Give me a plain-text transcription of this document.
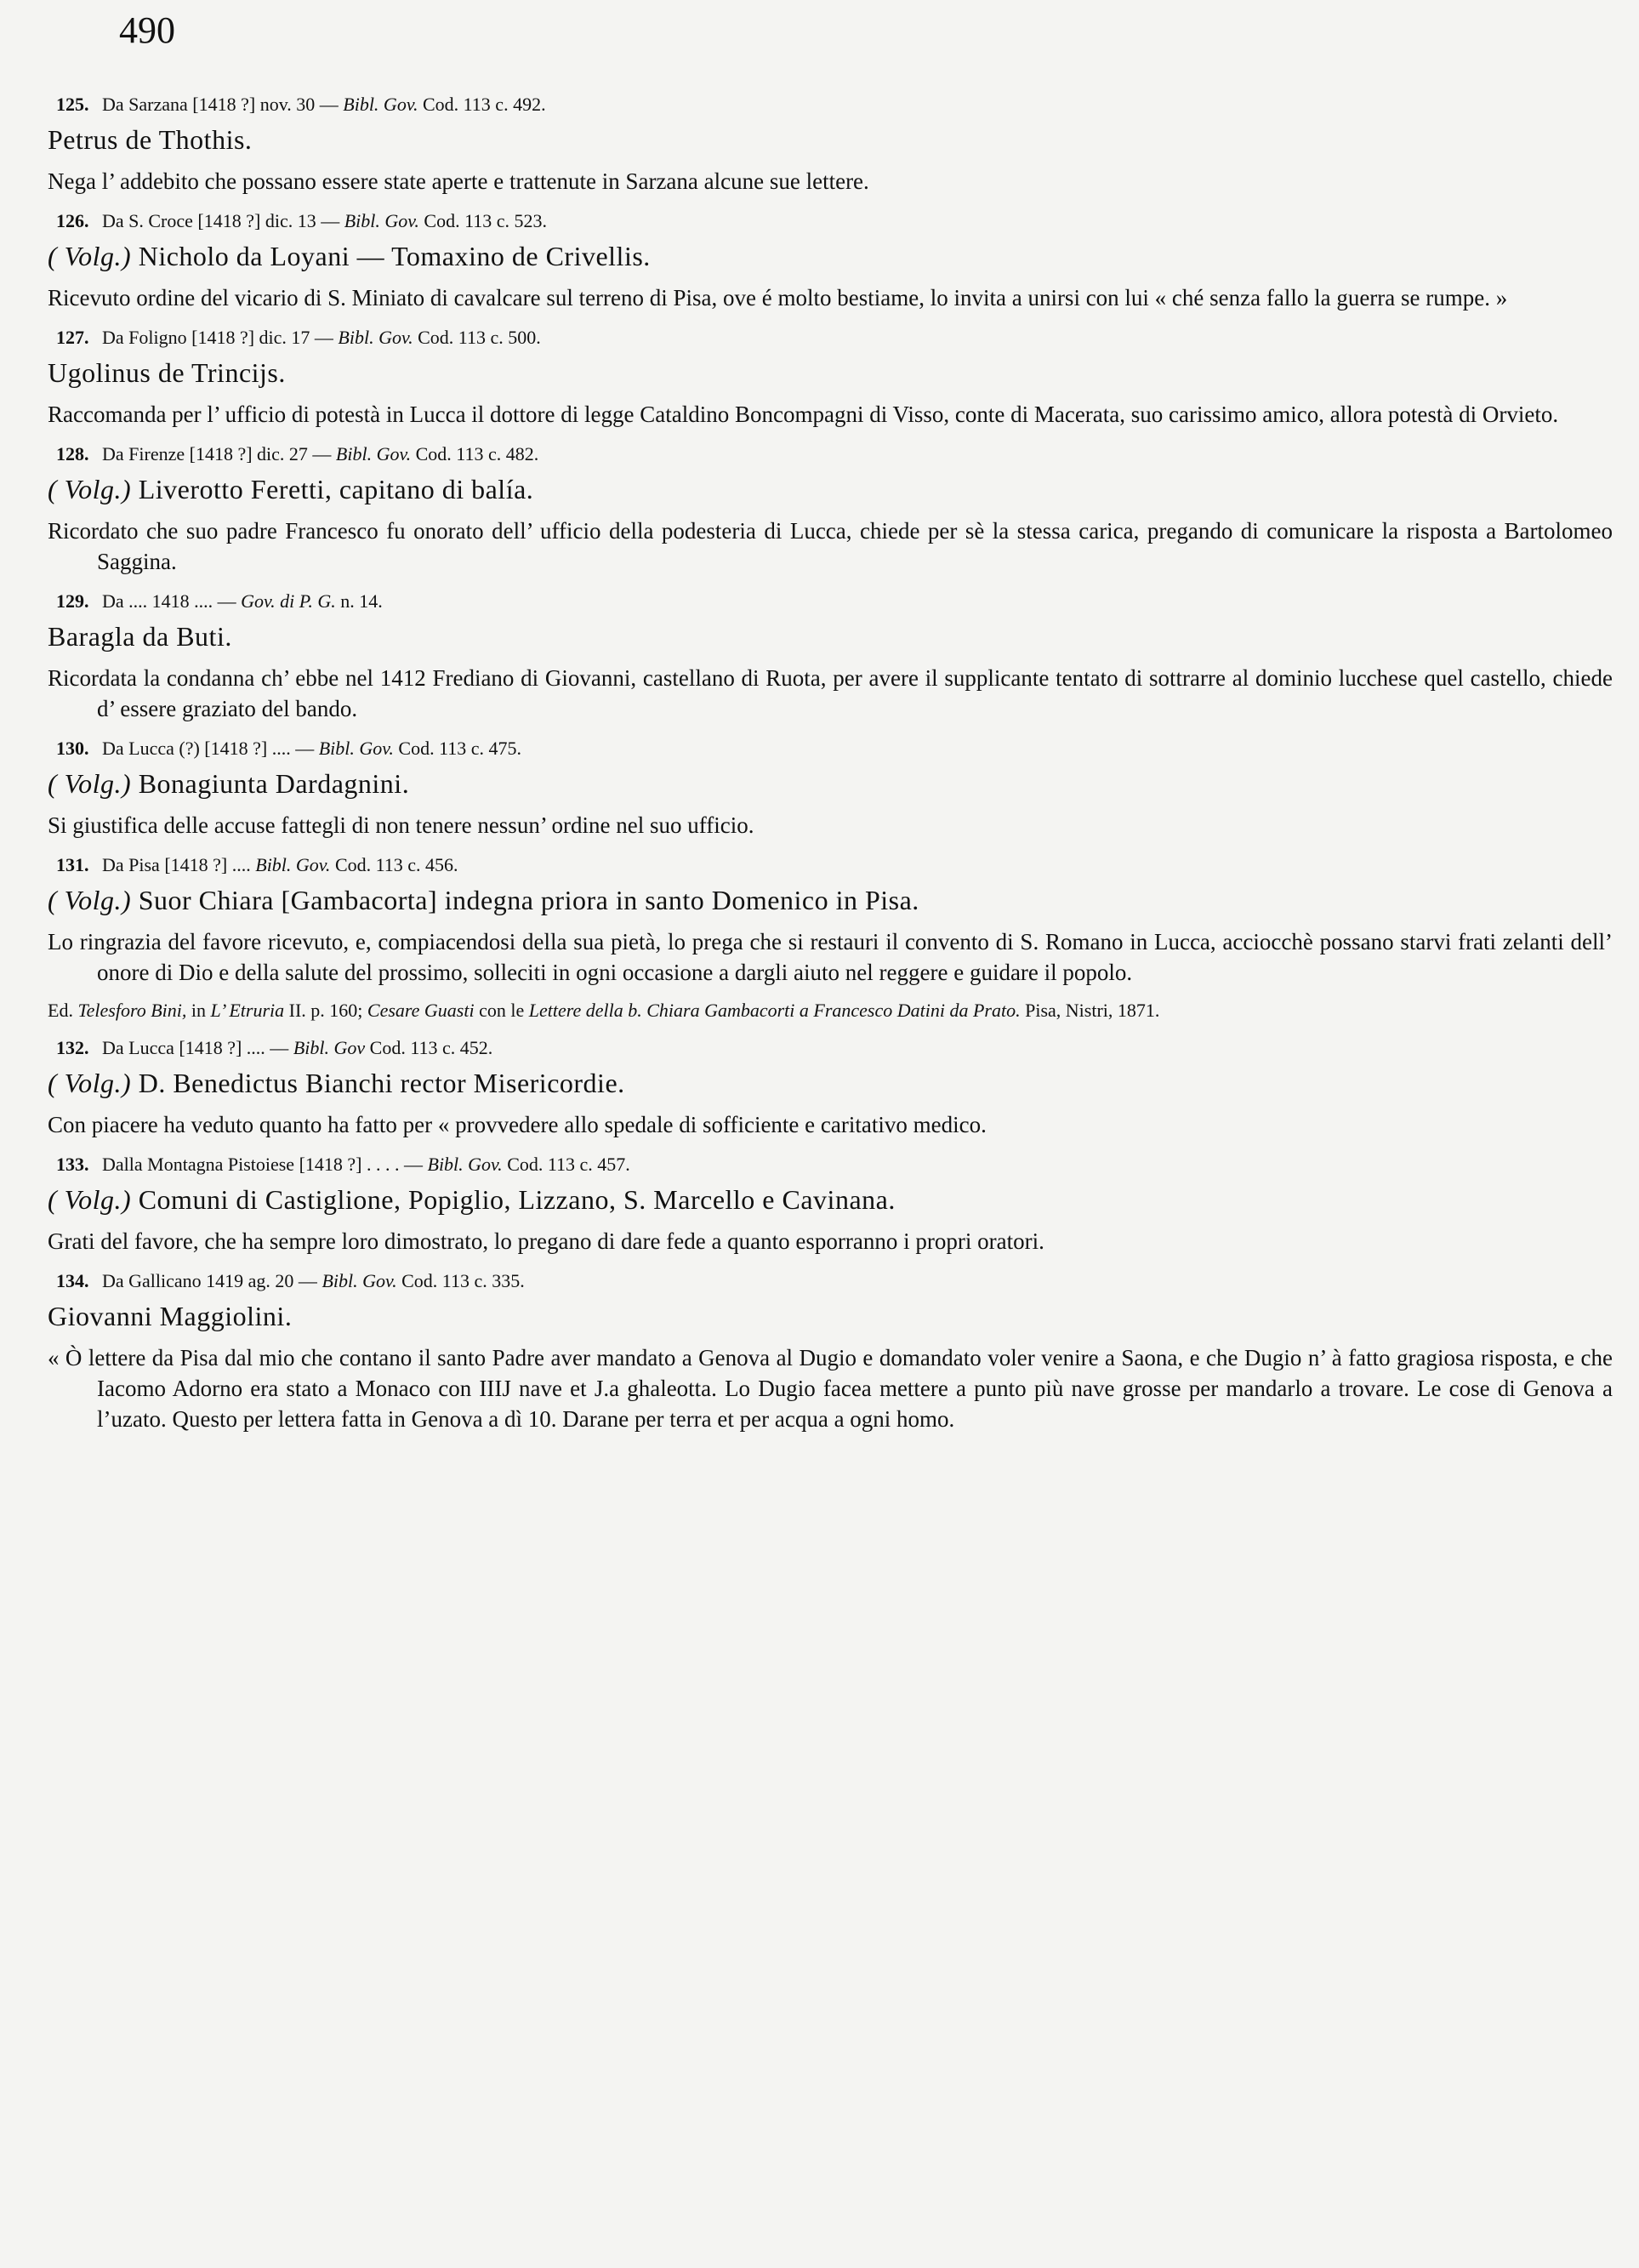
490
125. Da Sarzana [1418 ?] nov. 30 — Bibl. Gov. Cod. 113 c. 492.
Petrus de Thothis.
Nega l’ addebito che possano essere state aperte e trattenute in Sarzana alcune sue lettere.
126. Da S. Croce [1418 ?] dic. 13 — Bibl. Gov. Cod. 113 c. 523.
( Volg.) Nicholo da Loyani — Tomaxino de Crivellis.
Ricevuto ordine del vicario di S. Miniato di cavalcare sul terreno di Pisa, ove é molto bestiame, lo invita a unirsi con lui « ché senza fallo la guerra se rumpe. »
127. Da Foligno [1418 ?] dic. 17 — Bibl. Gov. Cod. 113 c. 500.
Ugolinus de Trincijs.
Raccomanda per l’ ufficio di potestà in Lucca il dottore di legge Cataldino Boncompagni di Visso, conte di Macerata, suo carissimo amico, allora potestà di Orvieto.
128. Da Firenze [1418 ?] dic. 27 — Bibl. Gov. Cod. 113 c. 482.
( Volg.) Liverotto Feretti, capitano di balía.
Ricordato che suo padre Francesco fu onorato dell’ ufficio della podesteria di Lucca, chiede per sè la stessa carica, pregando di comunicare la risposta a Bartolomeo Saggina.
129. Da .... 1418 .... — Gov. di P. G. n. 14.
Baragla da Buti.
Ricordata la condanna ch’ ebbe nel 1412 Frediano di Giovanni, castellano di Ruota, per avere il supplicante tentato di sottrarre al dominio lucchese quel castello, chiede d’ essere graziato del bando.
130. Da Lucca (?) [1418 ?] .... — Bibl. Gov. Cod. 113 c. 475.
( Volg.) Bonagiunta Dardagnini.
Si giustifica delle accuse fattegli di non tenere nessun’ ordine nel suo ufficio.
131. Da Pisa [1418 ?] .... Bibl. Gov. Cod. 113 c. 456.
( Volg.) Suor Chiara [Gambacorta] indegna priora in santo Domenico in Pisa.
Lo ringrazia del favore ricevuto, e, compiacendosi della sua pietà, lo prega che si restauri il convento di S. Romano in Lucca, acciocchè possano starvi frati zelanti dell’ onore di Dio e della salute del prossimo, solleciti in ogni occasione a dargli aiuto nel reggere e guidare il popolo.
Ed. Telesforo Bini, in L’ Etruria II. p. 160; Cesare Guasti con le Lettere della b. Chiara Gambacorti a Francesco Datini da Prato. Pisa, Nistri, 1871.
132. Da Lucca [1418 ?] .... — Bibl. Gov Cod. 113 c. 452.
( Volg.) D. Benedictus Bianchi rector Misericordie.
Con piacere ha veduto quanto ha fatto per « provvedere allo spedale di sofficiente e caritativo medico.
133. Dalla Montagna Pistoiese [1418 ?] . . . . — Bibl. Gov. Cod. 113 c. 457.
( Volg.) Comuni di Castiglione, Popiglio, Lizzano, S. Marcello e Cavinana.
Grati del favore, che ha sempre loro dimostrato, lo pregano di dare fede a quanto esporranno i propri oratori.
134. Da Gallicano 1419 ag. 20 — Bibl. Gov. Cod. 113 c. 335.
Giovanni Maggiolini.
« Ò lettere da Pisa dal mio che contano il santo Padre aver mandato a Genova al Dugio e domandato voler venire a Saona, e che Dugio n’ à fatto gragiosa risposta, e che Iacomo Adorno era stato a Monaco con IIIJ nave et J.a ghaleotta. Lo Dugio facea mettere a punto più nave grosse per mandarlo a trovare. Le cose di Genova a l’uzato. Questo per lettera fatta in Genova a dì 10. Darane per terra et per acqua a ogni homo.
